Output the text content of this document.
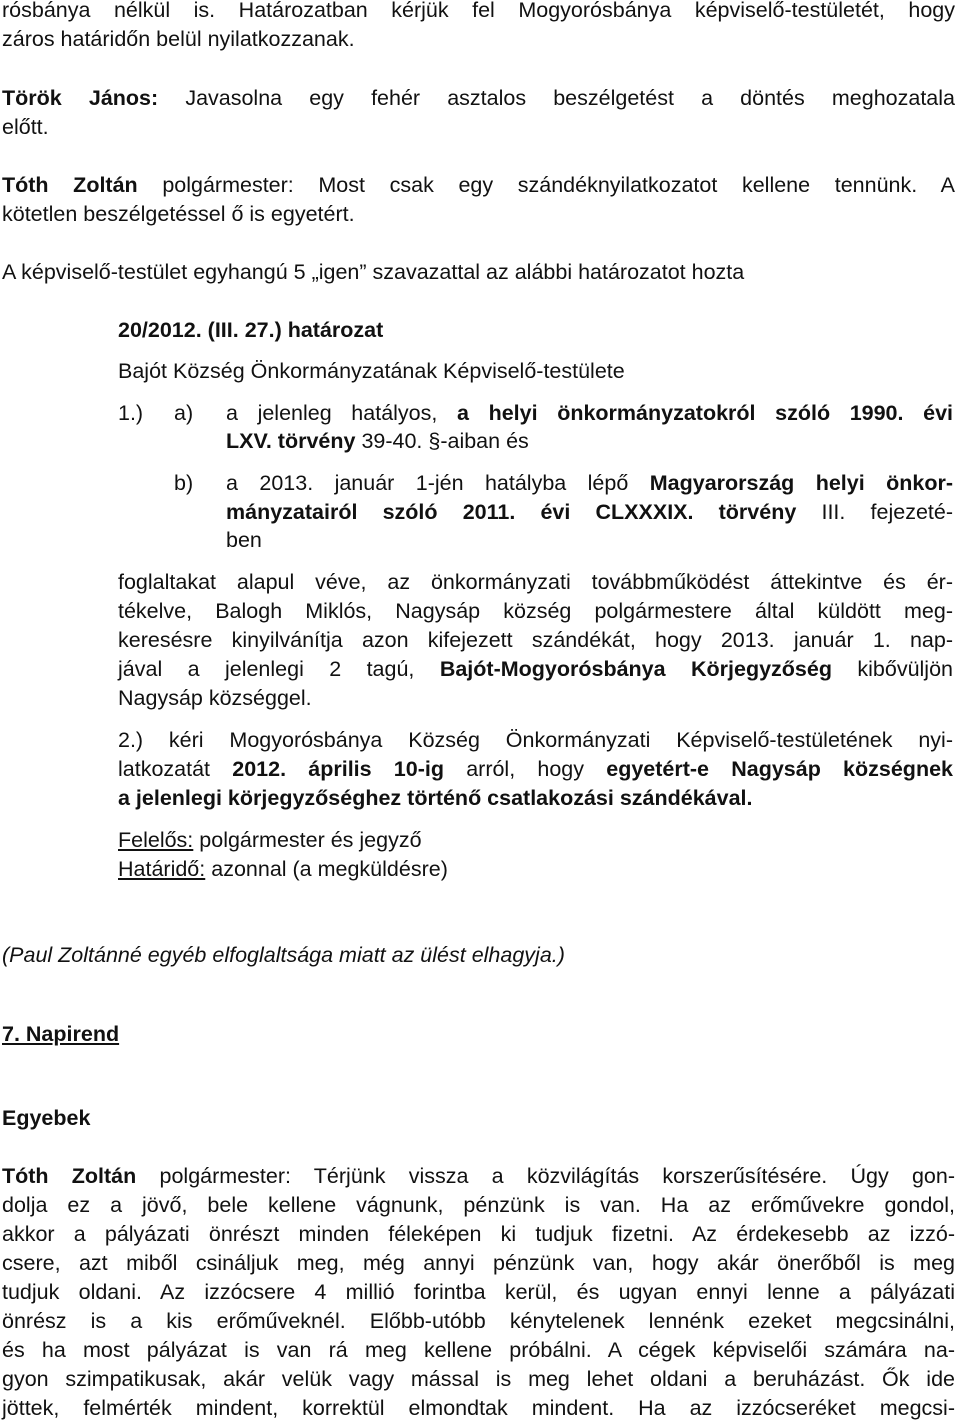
rósbánya nélkül is. Határozatban kérjük fel Mogyorósbánya képviselő-testületét, hogy
záros határidőn belül nyilatkozzanak.
Török János: Javasolna egy fehér asztalos beszélgetést a döntés meghozatala
előtt.
Tóth Zoltán polgármester: Most csak egy szándéknyilatkozatot kellene tennünk. A
kötetlen beszélgetéssel ő is egyetért.
A képviselő-testület egyhangú 5 „igen” szavazattal az alábbi határozatot hozta
20/2012. (III. 27.) határozat
Bajót Község Önkormányzatának Képviselő-testülete
1.) a) a jelenleg hatályos, a helyi önkormányzatokról szóló 1990. évi
LXV. törvény 39-40. §-aiban és
b) a 2013. január 1-jén hatályba lépő Magyarország helyi önkor-
mányzatairól szóló 2011. évi CLXXXIX. törvény III. fejezeté-
ben
foglaltakat alapul véve, az önkormányzati továbbműködést áttekintve és ér-
tékelve, Balogh Miklós, Nagysáp község polgármestere által küldött meg-
keresésre kinyilvánítja azon kifejezett szándékát, hogy 2013. január 1. nap-
jával a jelenlegi 2 tagú, Bajót-Mogyorósbánya Körjegyzőség kibővüljön
Nagysáp községgel.
2.) kéri Mogyorósbánya Község Önkormányzati Képviselő-testületének nyi-
latkozatát 2012. április 10-ig arról, hogy egyetért-e Nagysáp községnek
a jelenlegi körjegyzőséghez történő csatlakozási szándékával.
Felelős: polgármester és jegyző
Határidő: azonnal (a megküldésre)
(Paul Zoltánné egyéb elfoglaltsága miatt az ülést elhagyja.)
7. Napirend
Egyebek
Tóth Zoltán polgármester: Térjünk vissza a közvilágítás korszerűsítésére. Úgy gon-
dolja ez a jövő, bele kellene vágnunk, pénzünk is van. Ha az erőművekre gondol,
akkor a pályázati önrészt minden féleképen ki tudjuk fizetni. Az érdekesebb az izzó-
csere, azt miből csináljuk meg, még annyi pénzünk van, hogy akár önerőből is meg
tudjuk oldani. Az izzócsere 4 millió forintba kerül, és ugyan ennyi lenne a pályázati
önrész is a kis erőműveknél. Előbb-utóbb kénytelenek lennénk ezeket megcsinálni,
és ha most pályázat is van rá meg kellene próbálni. A cégek képviselői számára na-
gyon szimpatikusak, akár velük vagy mással is meg lehet oldani a beruházást. Ők ide
jöttek, felmérték mindent, korrektül elmondtak mindent. Ha az izzócseréket megcsi-
